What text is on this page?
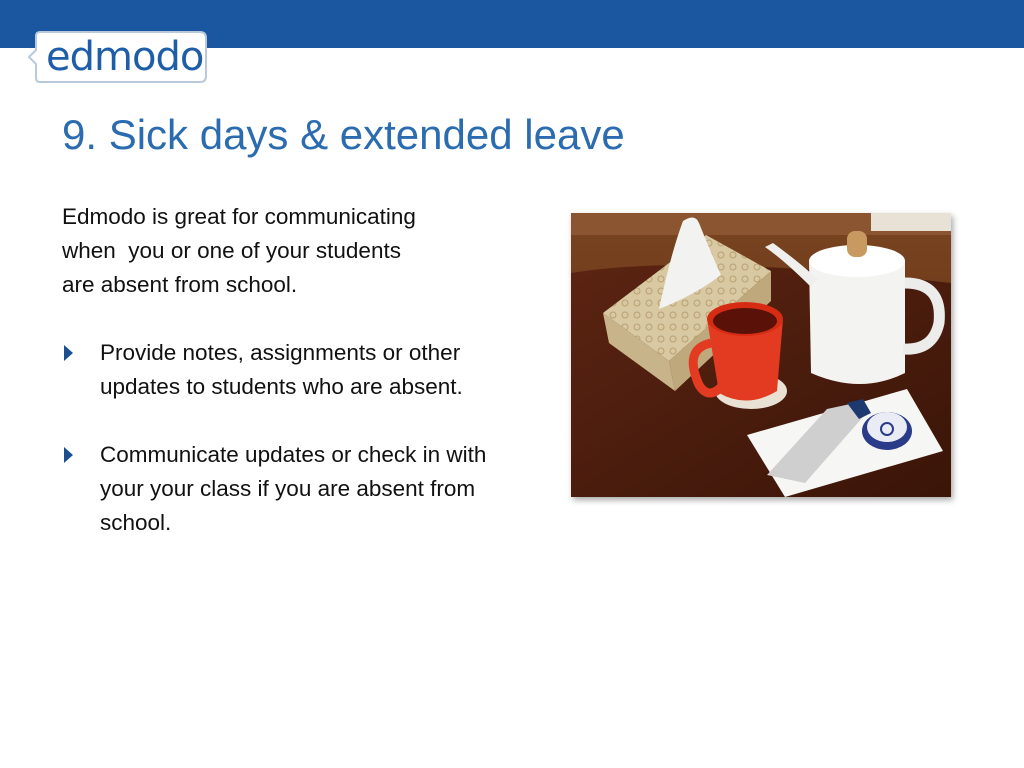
edmodo
9. Sick days & extended leave

Edmodo is great for communicating
when  you or one of your students
are absent from school.

Provide notes, assignments or other updates to students who are absent.
Communicate updates or check in with your your class if you are absent from school.
